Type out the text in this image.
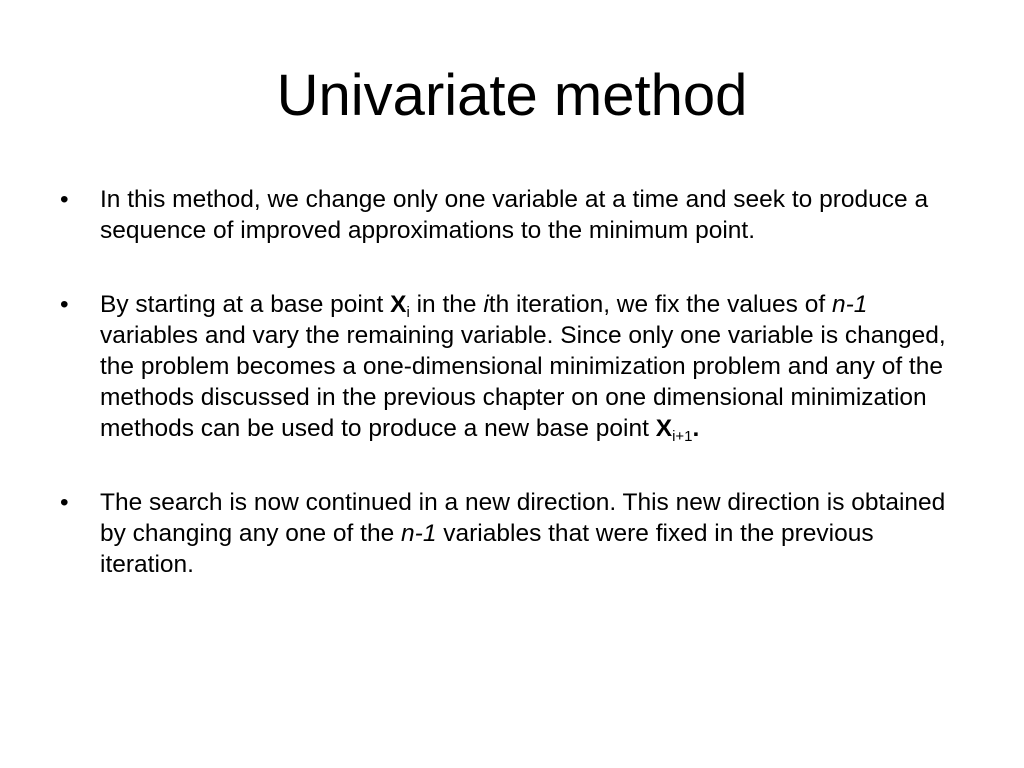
Univariate method
•	In this method, we change only one variable at a time and seek to produce a sequence of improved approximations to the minimum point.
•	By starting at a base point $X_i$ in the ith iteration, we fix the values of n-1 variables and vary the remaining variable. Since only one variable is changed, the problem becomes a one-dimensional minimization problem and any of the methods discussed in the previous chapter on one dimensional minimization methods can be used to produce a new base point $X_{i+1}$.
•	The search is now continued in a new direction. This new direction is obtained by changing any one of the n-1 variables that were fixed in the previous iteration.
